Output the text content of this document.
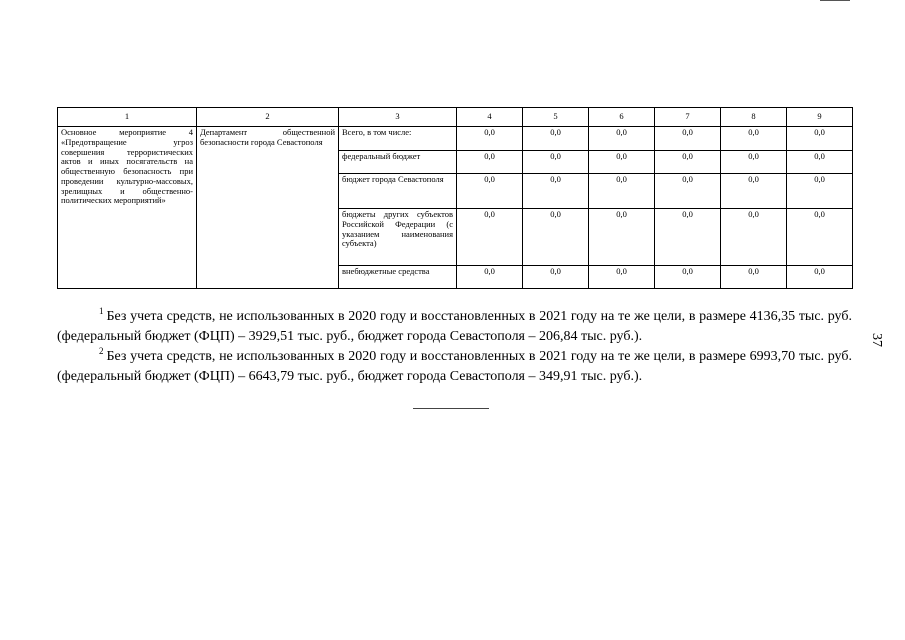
1	2	3	4	5	6	7	8	9
Основное мероприятие 4 «Предотвращение угроз совершения террористических актов и иных посягательств на общественную безопасность при проведении культурно-массовых, зрелищных и общественно-политических мероприятий»	Департамент общественной безопасности города Севастополя	Всего, в том числе:	0,0	0,0	0,0	0,0	0,0	0,0
		федеральный бюджет	0,0	0,0	0,0	0,0	0,0	0,0
		бюджет города Севастополя	0,0	0,0	0,0	0,0	0,0	0,0
		бюджеты других субъектов Российской Федерации (с указанием наименования субъекта)	0,0	0,0	0,0	0,0	0,0	0,0
		внебюджетные средства	0,0	0,0	0,0	0,0	0,0	0,0

$^1$ Без учета средств, не использованных в 2020 году и восстановленных в 2021 году на те же цели, в размере 4136,35 тыс. руб. (федеральный бюджет (ФЦП) – 3929,51 тыс. руб., бюджет города Севастополя – 206,84 тыс. руб.).

$^2$ Без учета средств, не использованных в 2020 году и восстановленных в 2021 году на те же цели, в размере 6993,70 тыс. руб. (федеральный бюджет (ФЦП) – 6643,79 тыс. руб., бюджет города Севастополя – 349,91 тыс. руб.).

37
